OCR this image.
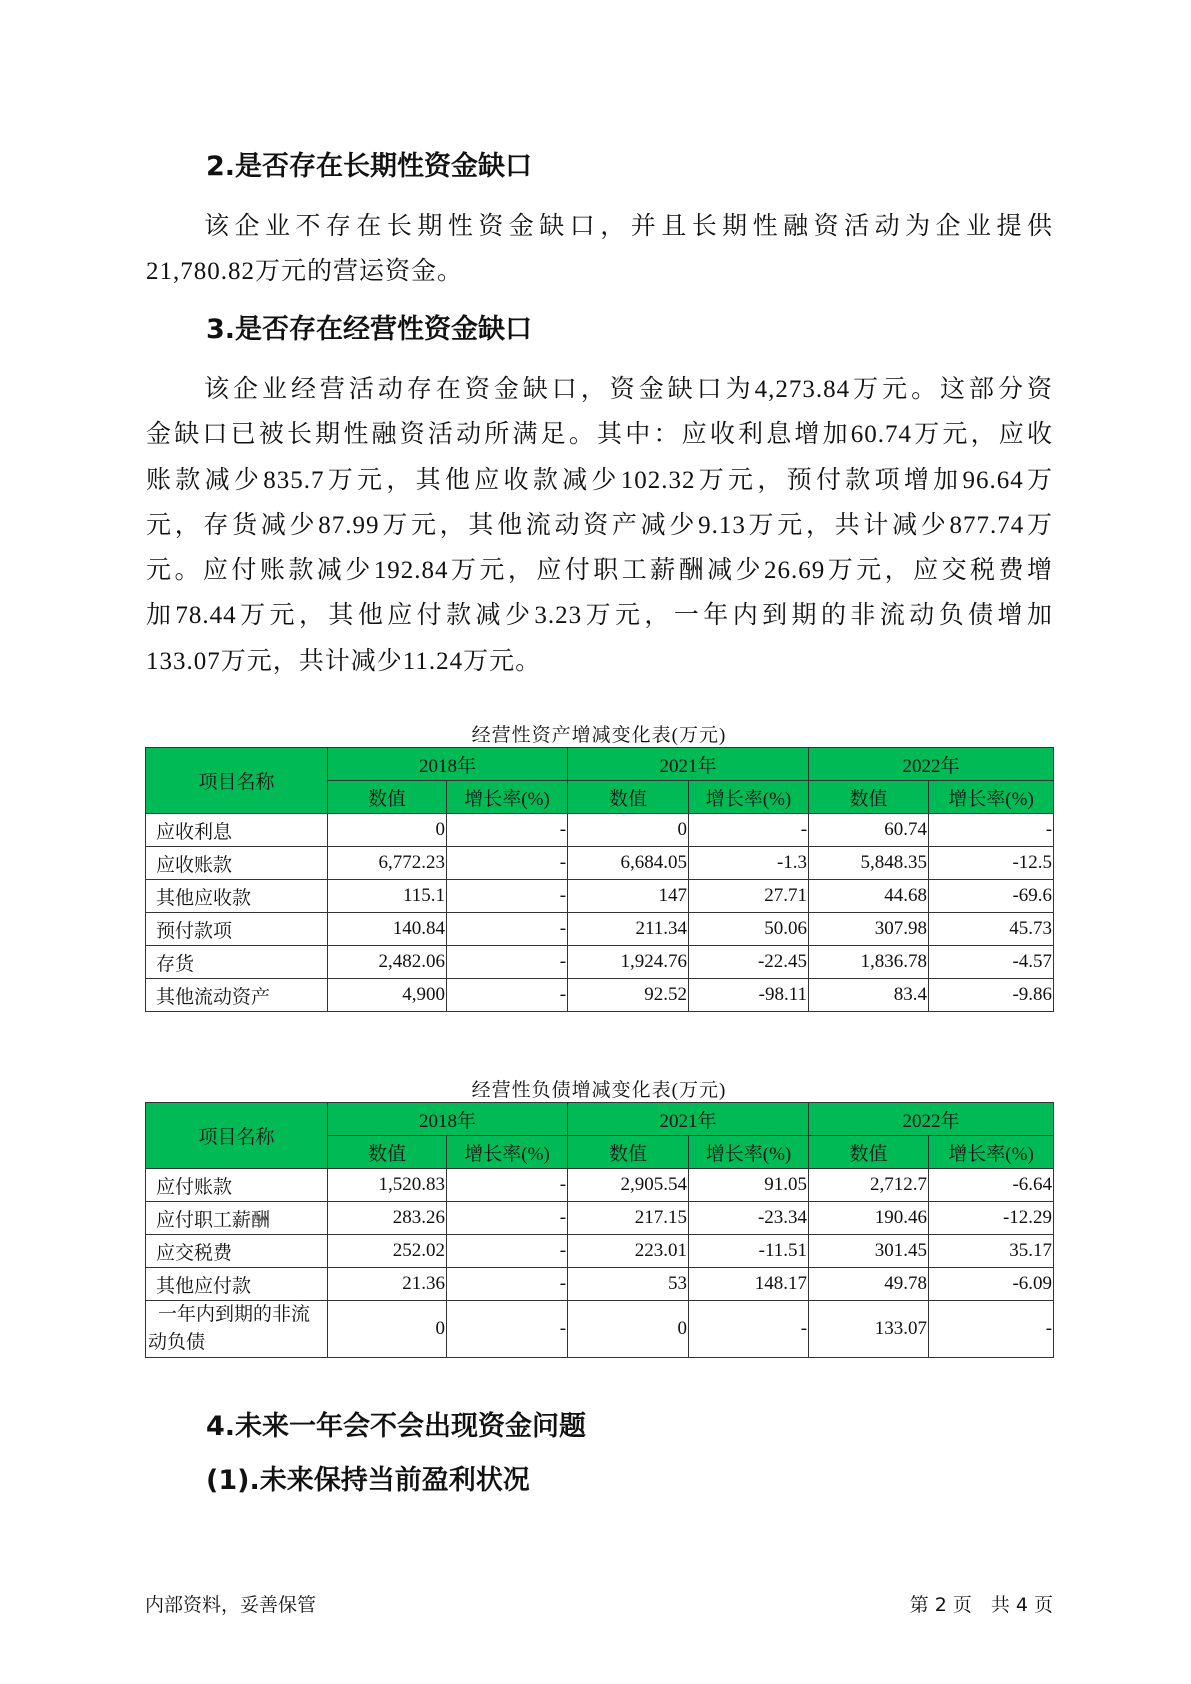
2.是否存在长期性资金缺口
该企业不存在长期性资金缺口，并且长期性融资活动为企业提供
21,780.82万元的营运资金。
3.是否存在经营性资金缺口
该企业经营活动存在资金缺口，资金缺口为4,273.84万元。这部分资
金缺口已被长期性融资活动所满足。其中：应收利息增加60.74万元，应收
账款减少835.7万元，其他应收款减少102.32万元，预付款项增加96.64万
元，存货减少87.99万元，其他流动资产减少9.13万元，共计减少877.74万
元。应付账款减少192.84万元，应付职工薪酬减少26.69万元，应交税费增
加78.44万元，其他应付款减少3.23万元，一年内到期的非流动负债增加
133.07万元，共计减少11.24万元。
经营性资产增减变化表(万元)
项目名称	2018年		2021年		2022年	
	数值	增长率(%)	数值	增长率(%)	数值	增长率(%)
应收利息	0	-	0	-	60.74	-
应收账款	6,772.23	-	6,684.05	-1.3	5,848.35	-12.5
其他应收款	115.1	-	147	27.71	44.68	-69.6
预付款项	140.84	-	211.34	50.06	307.98	45.73
存货	2,482.06	-	1,924.76	-22.45	1,836.78	-4.57
其他流动资产	4,900	-	92.52	-98.11	83.4	-9.86
经营性负债增减变化表(万元)
项目名称	2018年		2021年		2022年	
	数值	增长率(%)	数值	增长率(%)	数值	增长率(%)
应付账款	1,520.83	-	2,905.54	91.05	2,712.7	-6.64
应付职工薪酬	283.26	-	217.15	-23.34	190.46	-12.29
应交税费	252.02	-	223.01	-11.51	301.45	35.17
其他应付款	21.36	-	53	148.17	49.78	-6.09
一年内到期的非流动负债	0	-	0	-	133.07	-
4.未来一年会不会出现资金问题
(1).未来保持当前盈利状况
内部资料，妥善保管	第 2 页　共 4 页
